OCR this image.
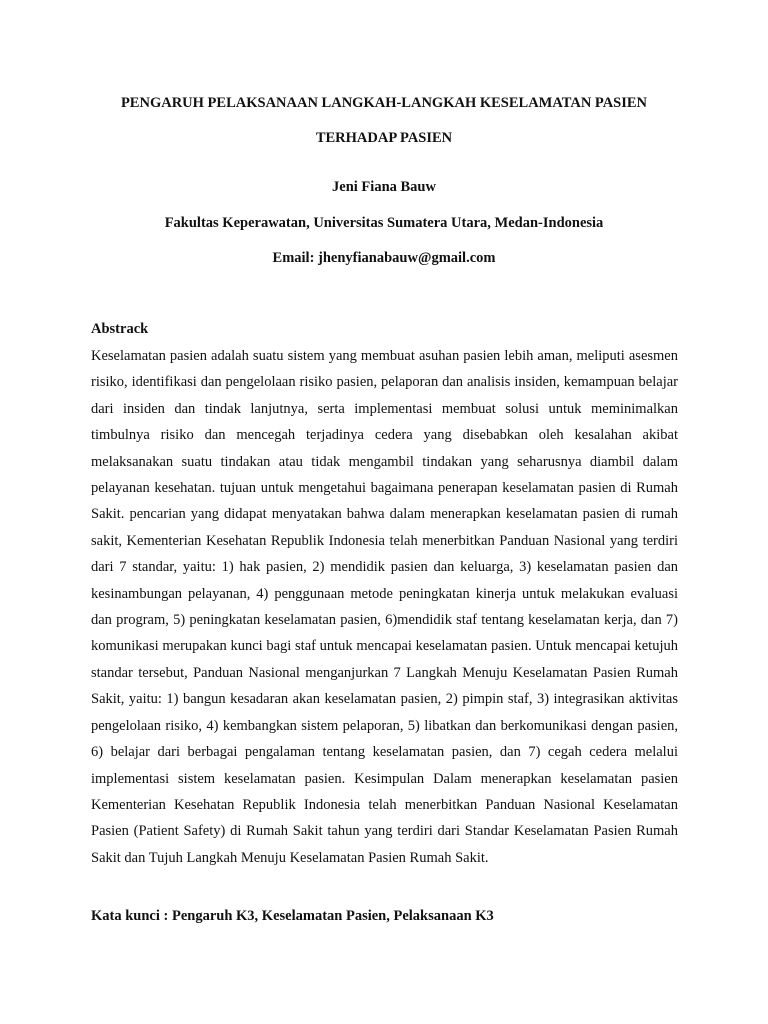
PENGARUH PELAKSANAAN LANGKAH-LANGKAH KESELAMATAN PASIEN
TERHADAP PASIEN
Jeni Fiana Bauw
Fakultas Keperawatan, Universitas Sumatera Utara, Medan-Indonesia
Email: jhenyfianabauw@gmail.com
Abstrack

Keselamatan pasien adalah suatu sistem yang membuat asuhan pasien lebih aman, meliputi asesmen risiko, identifikasi dan pengelolaan risiko pasien, pelaporan dan analisis insiden, kemampuan belajar dari insiden dan tindak lanjutnya, serta implementasi membuat solusi untuk meminimalkan timbulnya risiko dan mencegah terjadinya cedera yang disebabkan oleh kesalahan akibat melaksanakan suatu tindakan atau tidak mengambil tindakan yang seharusnya diambil dalam pelayanan kesehatan. tujuan untuk mengetahui bagaimana penerapan keselamatan pasien di Rumah Sakit. pencarian yang didapat menyatakan bahwa dalam menerapkan keselamatan pasien di rumah sakit, Kementerian Kesehatan Republik Indonesia telah menerbitkan Panduan Nasional yang terdiri dari 7 standar, yaitu: 1) hak pasien, 2) mendidik pasien dan keluarga, 3) keselamatan pasien dan kesinambungan pelayanan, 4) penggunaan metode peningkatan kinerja untuk melakukan evaluasi dan program, 5) peningkatan keselamatan pasien, 6)mendidik staf tentang keselamatan kerja, dan 7) komunikasi merupakan kunci bagi staf untuk mencapai keselamatan pasien. Untuk mencapai ketujuh standar tersebut, Panduan Nasional menganjurkan 7 Langkah Menuju Keselamatan Pasien Rumah Sakit, yaitu: 1) bangun kesadaran akan keselamatan pasien, 2) pimpin staf, 3) integrasikan aktivitas pengelolaan risiko, 4) kembangkan sistem pelaporan, 5) libatkan dan berkomunikasi dengan pasien, 6) belajar dari berbagai pengalaman tentang keselamatan pasien, dan 7) cegah cedera melalui implementasi sistem keselamatan pasien. Kesimpulan Dalam menerapkan keselamatan pasien Kementerian Kesehatan Republik Indonesia telah menerbitkan Panduan Nasional Keselamatan Pasien (Patient Safety) di Rumah Sakit tahun yang terdiri dari Standar Keselamatan Pasien Rumah Sakit dan Tujuh Langkah Menuju Keselamatan Pasien Rumah Sakit.

Kata kunci : Pengaruh K3, Keselamatan Pasien, Pelaksanaan K3
